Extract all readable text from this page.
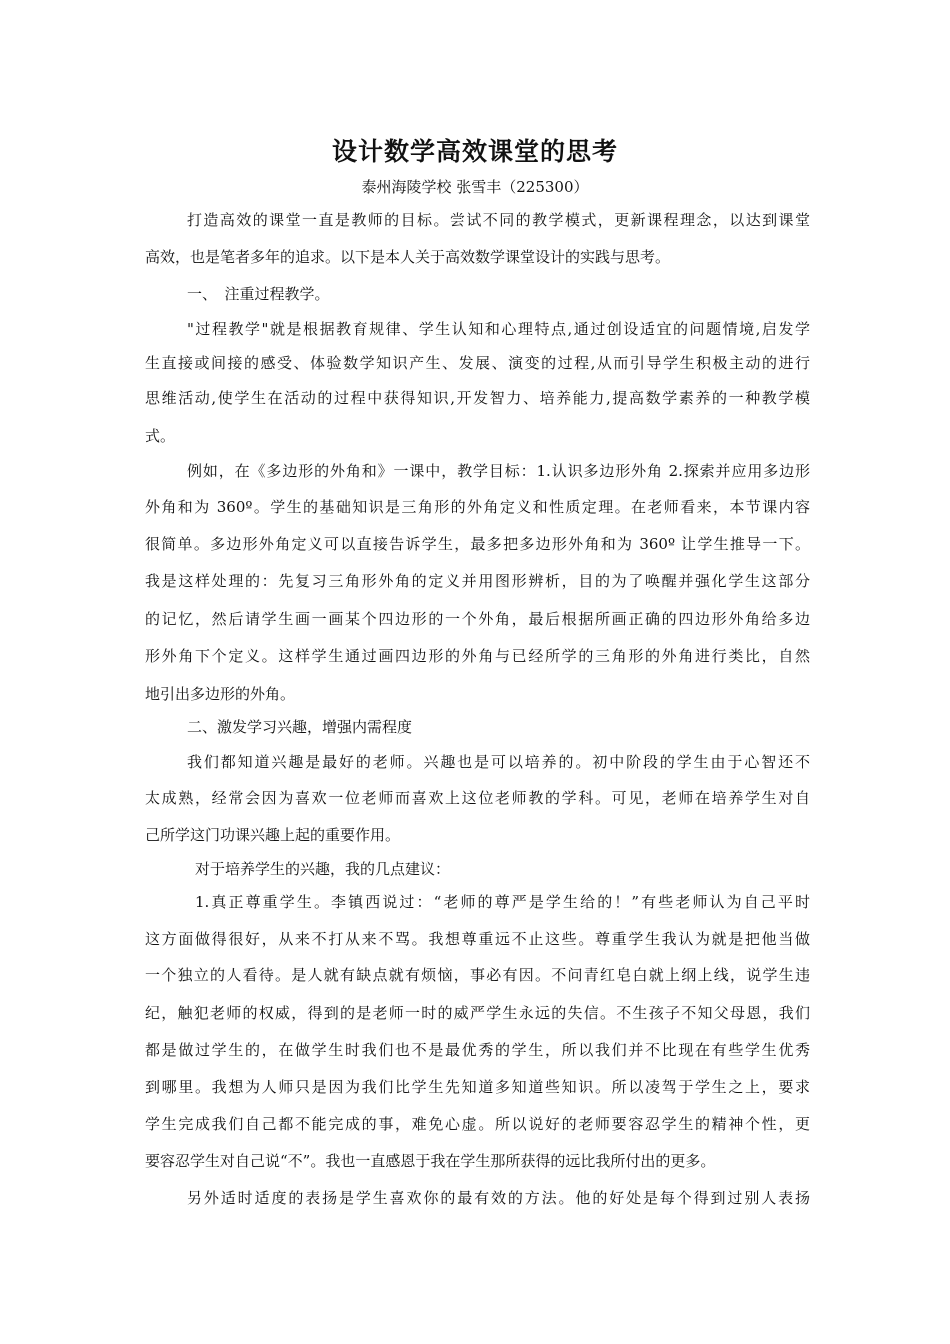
设计数学高效课堂的思考
泰州海陵学校 张雪丰（225300）
打造高效的课堂一直是教师的目标。尝试不同的教学模式，更新课程理念，以达到课堂
高效，也是笔者多年的追求。以下是本人关于高效数学课堂设计的实践与思考。
一、　注重过程教学。
"过程教学"就是根据教育规律、学生认知和心理特点,通过创设适宜的问题情境,启发学
生直接或间接的感受、体验数学知识产生、发展、演变的过程,从而引导学生积极主动的进行
思维活动,使学生在活动的过程中获得知识,开发智力、培养能力,提高数学素养的一种教学模
式。
例如，在《多边形的外角和》一课中，教学目标：1.认识多边形外角 2.探索并应用多边形
外角和为 360º。学生的基础知识是三角形的外角定义和性质定理。在老师看来，本节课内容
很简单。多边形外角定义可以直接告诉学生，最多把多边形外角和为 360º 让学生推导一下。
我是这样处理的：先复习三角形外角的定义并用图形辨析，目的为了唤醒并强化学生这部分
的记忆，然后请学生画一画某个四边形的一个外角，最后根据所画正确的四边形外角给多边
形外角下个定义。这样学生通过画四边形的外角与已经所学的三角形的外角进行类比，自然
地引出多边形的外角。
二、激发学习兴趣，增强内需程度
我们都知道兴趣是最好的老师。兴趣也是可以培养的。初中阶段的学生由于心智还不
太成熟，经常会因为喜欢一位老师而喜欢上这位老师教的学科。可见，老师在培养学生对自
己所学这门功课兴趣上起的重要作用。
对于培养学生的兴趣，我的几点建议：
1.真正尊重学生。李镇西说过：“老师的尊严是学生给的！”有些老师认为自己平时
这方面做得很好，从来不打从来不骂。我想尊重远不止这些。尊重学生我认为就是把他当做
一个独立的人看待。是人就有缺点就有烦恼，事必有因。不问青红皂白就上纲上线，说学生违
纪，触犯老师的权威，得到的是老师一时的威严学生永远的失信。不生孩子不知父母恩，我们
都是做过学生的，在做学生时我们也不是最优秀的学生，所以我们并不比现在有些学生优秀
到哪里。我想为人师只是因为我们比学生先知道多知道些知识。所以凌驾于学生之上，要求
学生完成我们自己都不能完成的事，难免心虚。所以说好的老师要容忍学生的精神个性，更
要容忍学生对自己说“不”。我也一直感恩于我在学生那所获得的远比我所付出的更多。
另外适时适度的表扬是学生喜欢你的最有效的方法。他的好处是每个得到过别人表扬
